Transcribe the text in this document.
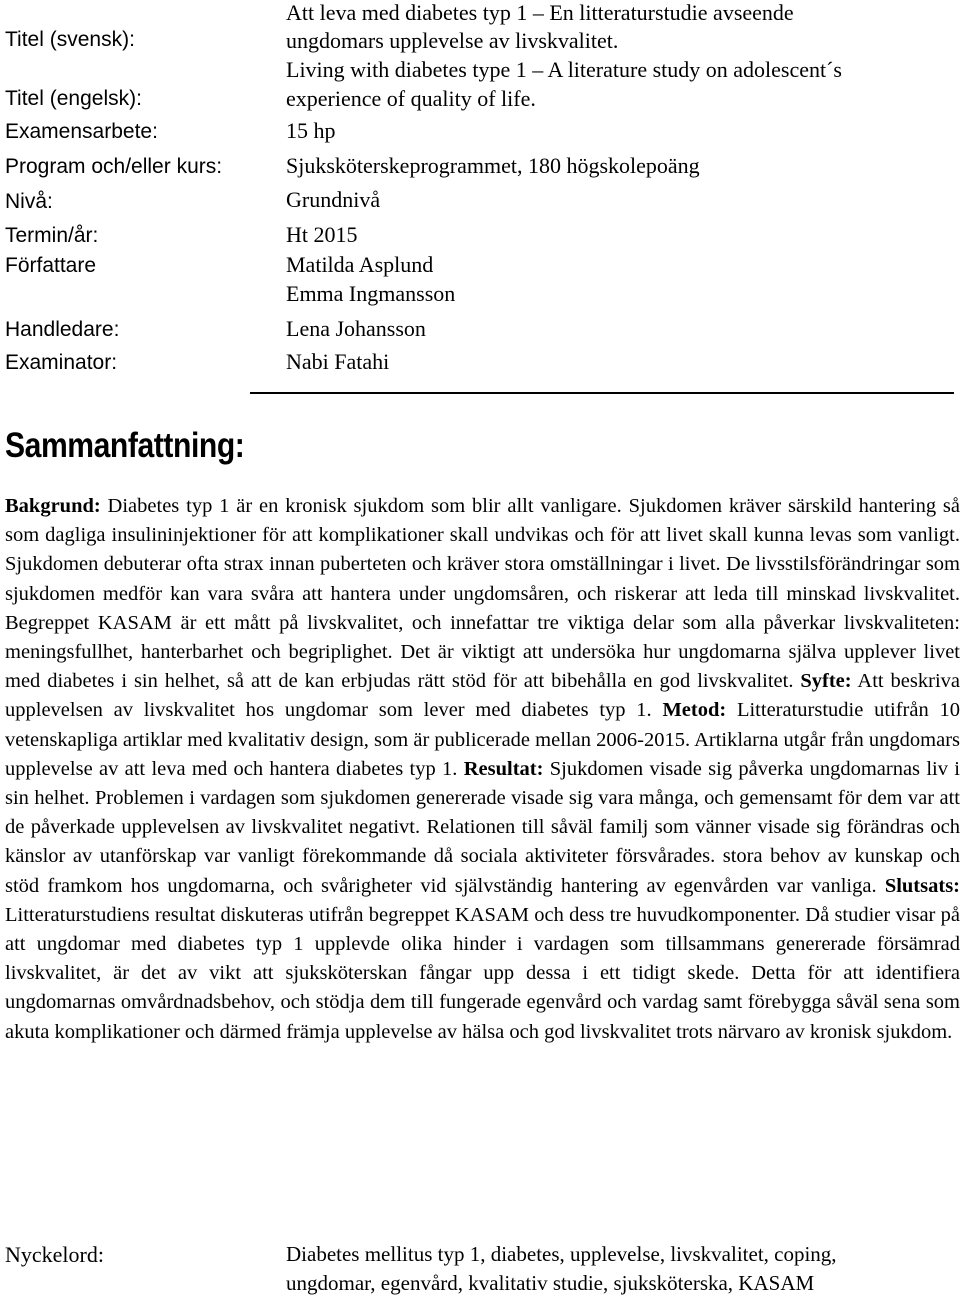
Titel (svensk):
Att leva med diabetes typ 1 – En litteraturstudie avseende
ungdomars upplevelse av livskvalitet.
Titel (engelsk):
Living with diabetes type 1 – A literature study on adolescent´s
experience of quality of life.
Examensarbete:	15 hp
Program och/eller kurs:	Sjuksköterskeprogrammet, 180 högskolepoäng
Nivå:	Grundnivå
Termin/år:	Ht 2015
Författare	Matilda Asplund
Emma Ingmansson
Handledare:	Lena Johansson
Examinator:	Nabi Fatahi
Sammanfattning:
Bakgrund: Diabetes typ 1 är en kronisk sjukdom som blir allt vanligare. Sjukdomen kräver särskild hantering så som dagliga insulininjektioner för att komplikationer skall undvikas och för att livet skall kunna levas som vanligt. Sjukdomen debuterar ofta strax innan puberteten och kräver stora omställningar i livet. De livsstilsförändringar som sjukdomen medför kan vara svåra att hantera under ungdomsåren, och riskerar att leda till minskad livskvalitet. Begreppet KASAM är ett mått på livskvalitet, och innefattar tre viktiga delar som alla påverkar livskvaliteten: meningsfullhet, hanterbarhet och begriplighet. Det är viktigt att undersöka hur ungdomarna själva upplever livet med diabetes i sin helhet, så att de kan erbjudas rätt stöd för att bibehålla en god livskvalitet. Syfte: Att beskriva upplevelsen av livskvalitet hos ungdomar som lever med diabetes typ 1. Metod: Litteraturstudie utifrån 10 vetenskapliga artiklar med kvalitativ design, som är publicerade mellan 2006-2015. Artiklarna utgår från ungdomars upplevelse av att leva med och hantera diabetes typ 1. Resultat: Sjukdomen visade sig påverka ungdomarnas liv i sin helhet. Problemen i vardagen som sjukdomen genererade visade sig vara många, och gemensamt för dem var att de påverkade upplevelsen av livskvalitet negativt. Relationen till såväl familj som vänner visade sig förändras och känslor av utanförskap var vanligt förekommande då sociala aktiviteter försvårades. stora behov av kunskap och stöd framkom hos ungdomarna, och svårigheter vid självständig hantering av egenvården var vanliga. Slutsats: Litteraturstudiens resultat diskuteras utifrån begreppet KASAM och dess tre huvudkomponenter. Då studier visar på att ungdomar med diabetes typ 1 upplevde olika hinder i vardagen som tillsammans genererade försämrad livskvalitet, är det av vikt att sjuksköterskan fångar upp dessa i ett tidigt skede. Detta för att identifiera ungdomarnas omvårdnadsbehov, och stödja dem till fungerade egenvård och vardag samt förebygga såväl sena som akuta komplikationer och därmed främja upplevelse av hälsa och god livskvalitet trots närvaro av kronisk sjukdom.
Nyckelord:	Diabetes mellitus typ 1, diabetes, upplevelse, livskvalitet, coping,
ungdomar, egenvård, kvalitativ studie, sjuksköterska, KASAM
